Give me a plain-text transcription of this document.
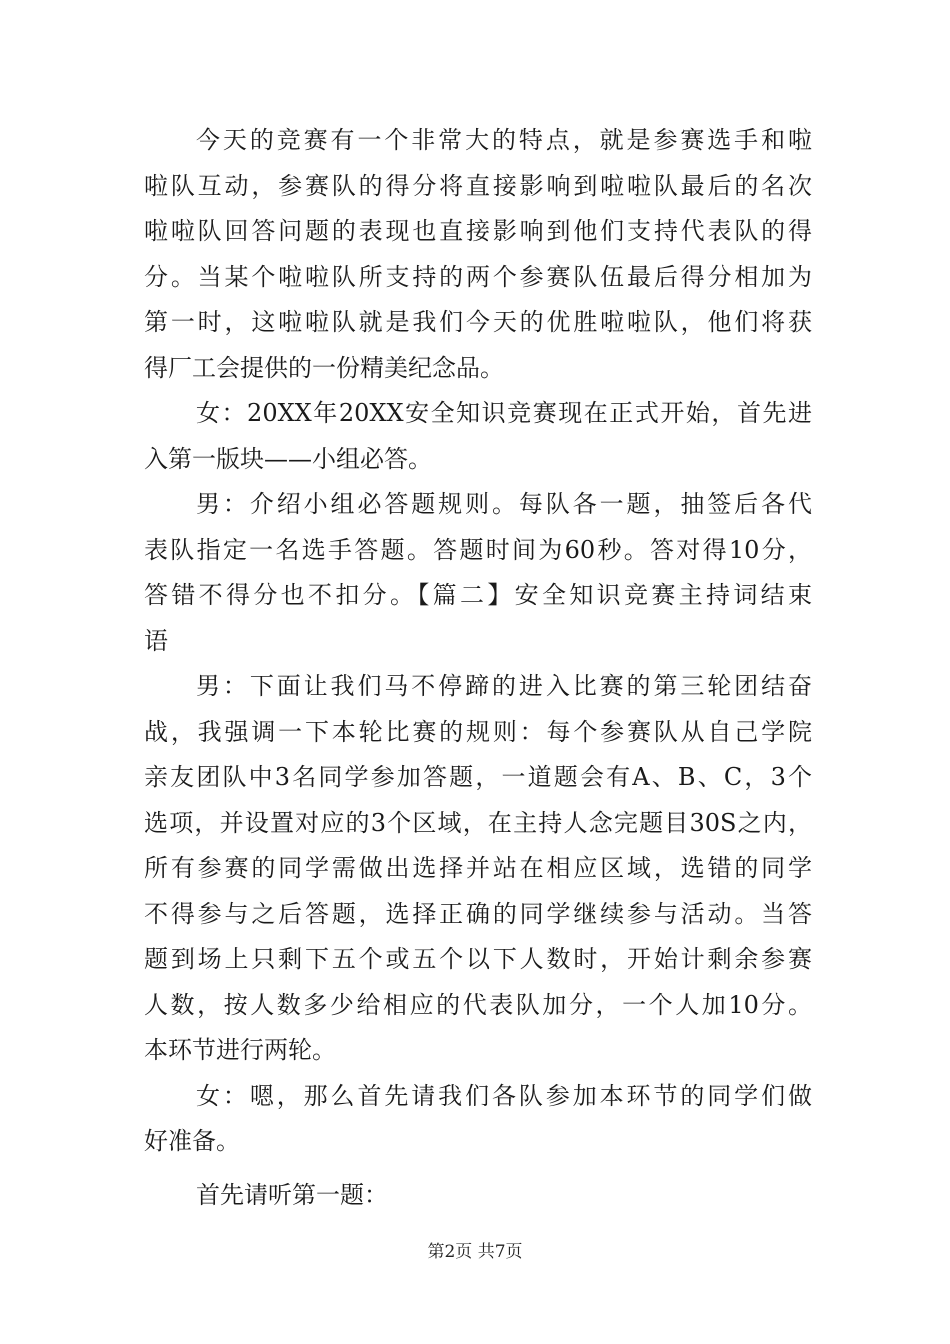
今天的竞赛有一个非常大的特点，就是参赛选手和啦
啦队互动，参赛队的得分将直接影响到啦啦队最后的名次
啦啦队回答问题的表现也直接影响到他们支持代表队的得
分。当某个啦啦队所支持的两个参赛队伍最后得分相加为
第一时，这啦啦队就是我们今天的优胜啦啦队，他们将获
得厂工会提供的一份精美纪念品。
女：20XX年20XX安全知识竞赛现在正式开始，首先进
入第一版块——小组必答。
男：介绍小组必答题规则。每队各一题，抽签后各代
表队指定一名选手答题。答题时间为60秒。答对得10分，
答错不得分也不扣分。【篇二】安全知识竞赛主持词结束
语
男：下面让我们马不停蹄的进入比赛的第三轮团结奋
战，我强调一下本轮比赛的规则：每个参赛队从自己学院
亲友团队中3名同学参加答题，一道题会有A、B、C，3个
选项，并设置对应的3个区域，在主持人念完题目30S之内，
所有参赛的同学需做出选择并站在相应区域，选错的同学
不得参与之后答题，选择正确的同学继续参与活动。当答
题到场上只剩下五个或五个以下人数时，开始计剩余参赛
人数，按人数多少给相应的代表队加分，一个人加10分。
本环节进行两轮。
女：嗯，那么首先请我们各队参加本环节的同学们做
好准备。
首先请听第一题：
第2页 共7页
